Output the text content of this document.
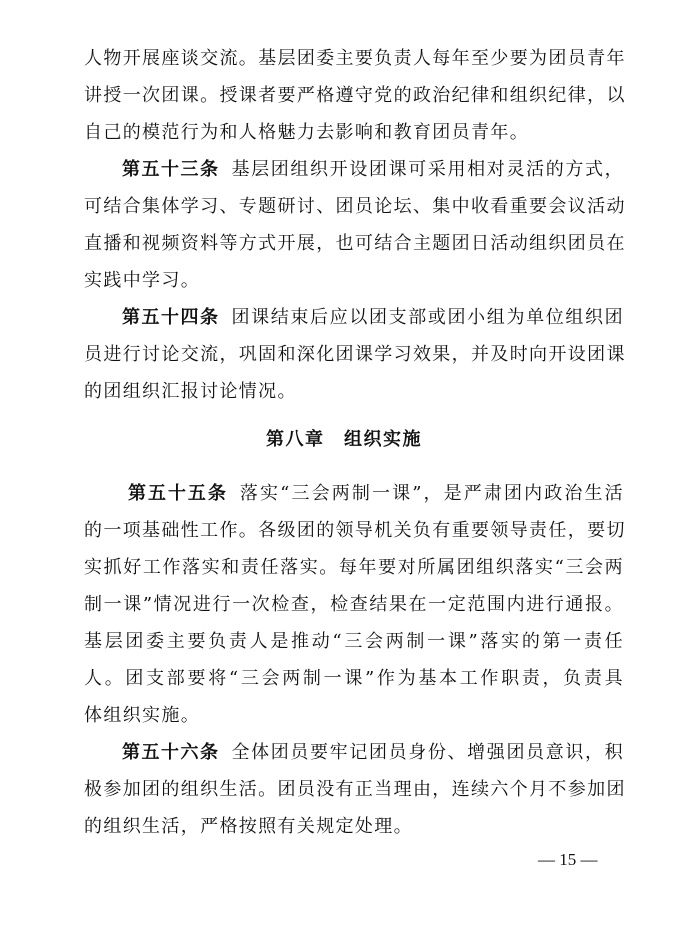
人物开展座谈交流。基层团委主要负责人每年至少要为团员青年
讲授一次团课。授课者要严格遵守党的政治纪律和组织纪律，以
自己的模范行为和人格魅力去影响和教育团员青年。
第五十三条 基层团组织开设团课可采用相对灵活的方式，
可结合集体学习、专题研讨、团员论坛、集中收看重要会议活动
直播和视频资料等方式开展，也可结合主题团日活动组织团员在
实践中学习。
第五十四条 团课结束后应以团支部或团小组为单位组织团
员进行讨论交流，巩固和深化团课学习效果，并及时向开设团课
的团组织汇报讨论情况。
第八章　组织实施
第五十五条 落实“三会两制一课”，是严肃团内政治生活
的一项基础性工作。各级团的领导机关负有重要领导责任，要切
实抓好工作落实和责任落实。每年要对所属团组织落实“三会两
制一课”情况进行一次检查，检查结果在一定范围内进行通报。
基层团委主要负责人是推动“三会两制一课”落实的第一责任
人。团支部要将“三会两制一课”作为基本工作职责，负责具
体组织实施。
第五十六条 全体团员要牢记团员身份、增强团员意识，积
极参加团的组织生活。团员没有正当理由，连续六个月不参加团
的组织生活，严格按照有关规定处理。
— 15 —
